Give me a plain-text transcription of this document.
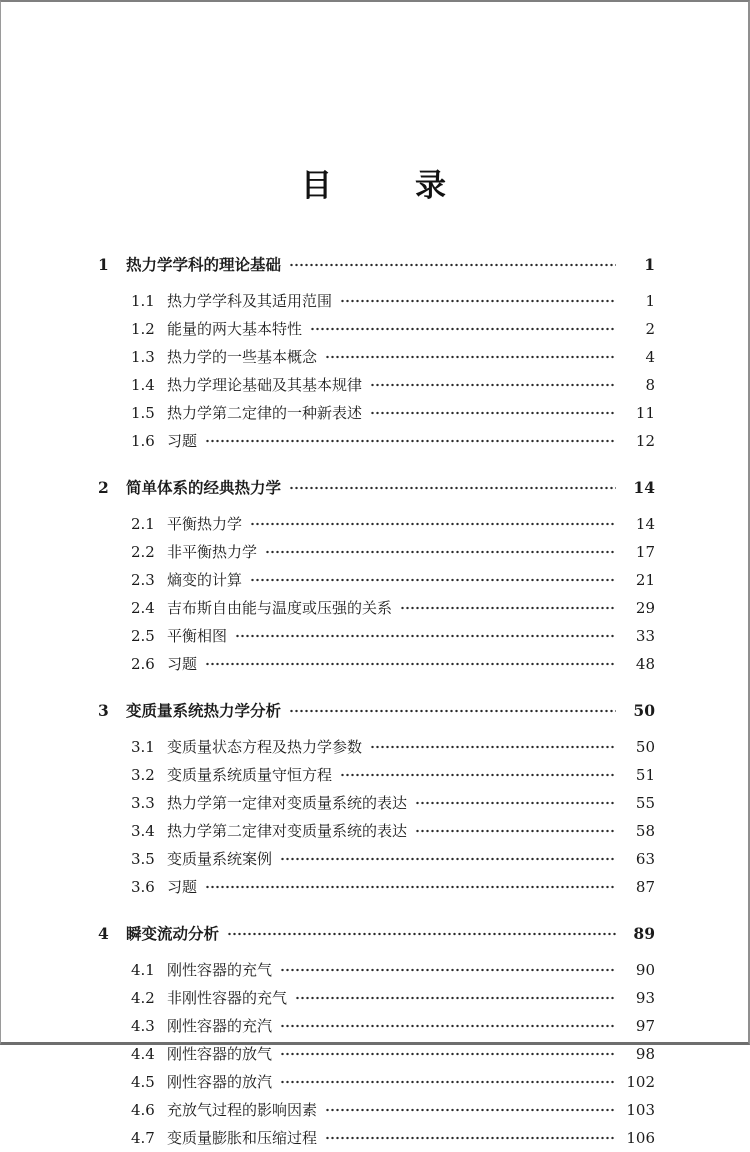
目 录
1	热力学学科的理论基础	1
1.1 热力学学科及其适用范围	1
1.2 能量的两大基本特性	2
1.3 热力学的一些基本概念	4
1.4 热力学理论基础及其基本规律	8
1.5 热力学第二定律的一种新表述	11
1.6 习题	12
2	简单体系的经典热力学	14
2.1 平衡热力学	14
2.2 非平衡热力学	17
2.3 熵变的计算	21
2.4 吉布斯自由能与温度或压强的关系	29
2.5 平衡相图	33
2.6 习题	48
3	变质量系统热力学分析	50
3.1 变质量状态方程及热力学参数	50
3.2 变质量系统质量守恒方程	51
3.3 热力学第一定律对变质量系统的表达	55
3.4 热力学第二定律对变质量系统的表达	58
3.5 变质量系统案例	63
3.6 习题	87
4	瞬变流动分析	89
4.1 刚性容器的充气	90
4.2 非刚性容器的充气	93
4.3 刚性容器的充汽	97
4.4 刚性容器的放气	98
4.5 刚性容器的放汽	102
4.6 充放气过程的影响因素	103
4.7 变质量膨胀和压缩过程	106
